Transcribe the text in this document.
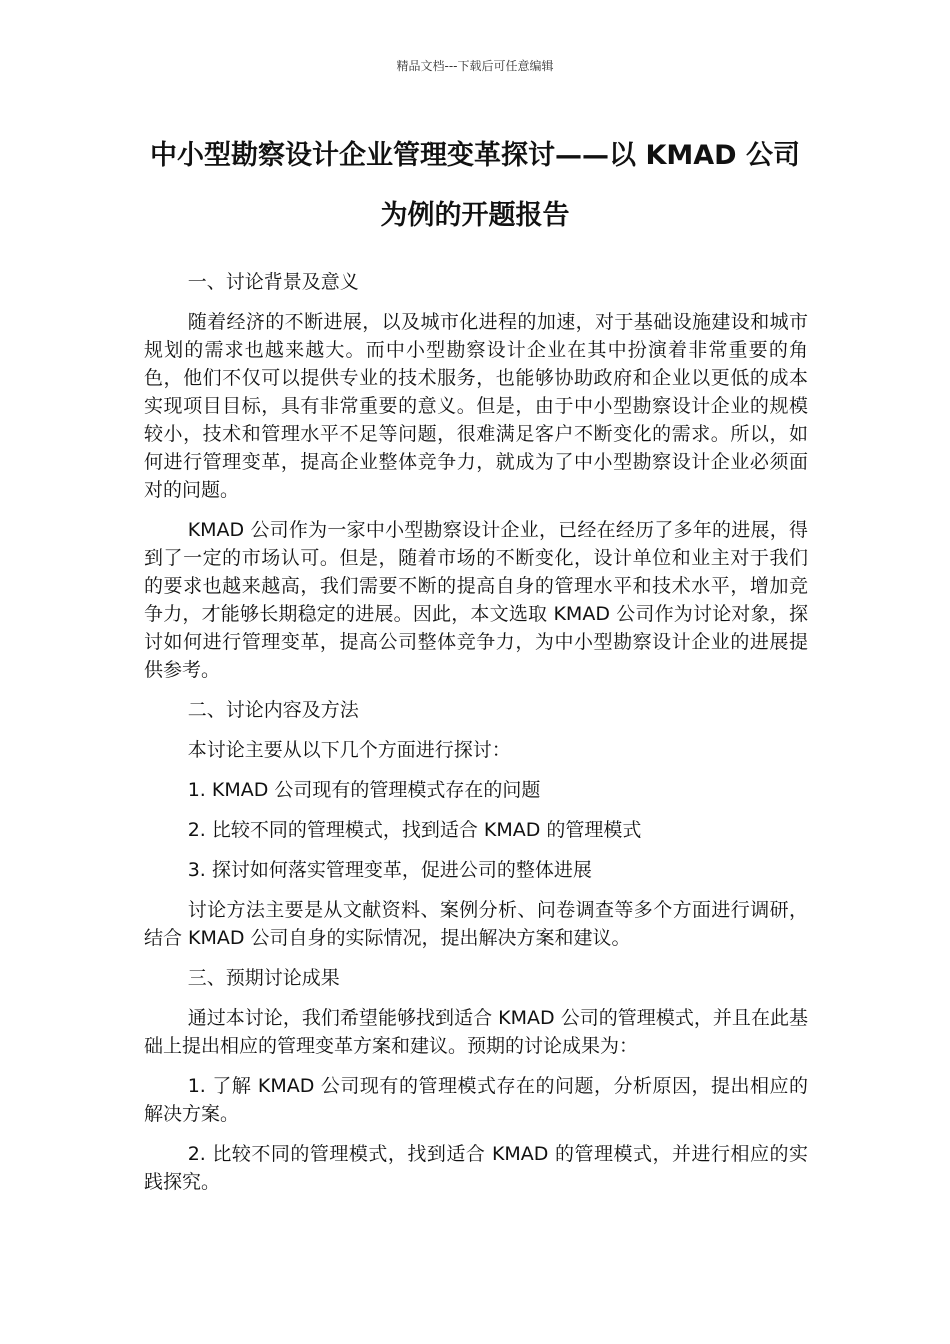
精品文档---下载后可任意编辑
中小型勘察设计企业管理变革探讨——以 KMAD 公司为例的开题报告

一、讨论背景及意义

随着经济的不断进展，以及城市化进程的加速，对于基础设施建设和城市规划的需求也越来越大。而中小型勘察设计企业在其中扮演着非常重要的角色，他们不仅可以提供专业的技术服务，也能够协助政府和企业以更低的成本实现项目目标，具有非常重要的意义。但是，由于中小型勘察设计企业的规模较小，技术和管理水平不足等问题，很难满足客户不断变化的需求。所以，如何进行管理变革，提高企业整体竞争力，就成为了中小型勘察设计企业必须面对的问题。

KMAD 公司作为一家中小型勘察设计企业，已经在经历了多年的进展，得到了一定的市场认可。但是，随着市场的不断变化，设计单位和业主对于我们的要求也越来越高，我们需要不断的提高自身的管理水平和技术水平，增加竞争力，才能够长期稳定的进展。因此，本文选取 KMAD 公司作为讨论对象，探讨如何进行管理变革，提高公司整体竞争力，为中小型勘察设计企业的进展提供参考。

二、讨论内容及方法

本讨论主要从以下几个方面进行探讨：

1. KMAD 公司现有的管理模式存在的问题

2. 比较不同的管理模式，找到适合 KMAD 的管理模式

3. 探讨如何落实管理变革，促进公司的整体进展

讨论方法主要是从文献资料、案例分析、问卷调查等多个方面进行调研，结合 KMAD 公司自身的实际情况，提出解决方案和建议。

三、预期讨论成果

通过本讨论，我们希望能够找到适合 KMAD 公司的管理模式，并且在此基础上提出相应的管理变革方案和建议。预期的讨论成果为：

1. 了解 KMAD 公司现有的管理模式存在的问题，分析原因，提出相应的解决方案。

2. 比较不同的管理模式，找到适合 KMAD 的管理模式，并进行相应的实践探究。
